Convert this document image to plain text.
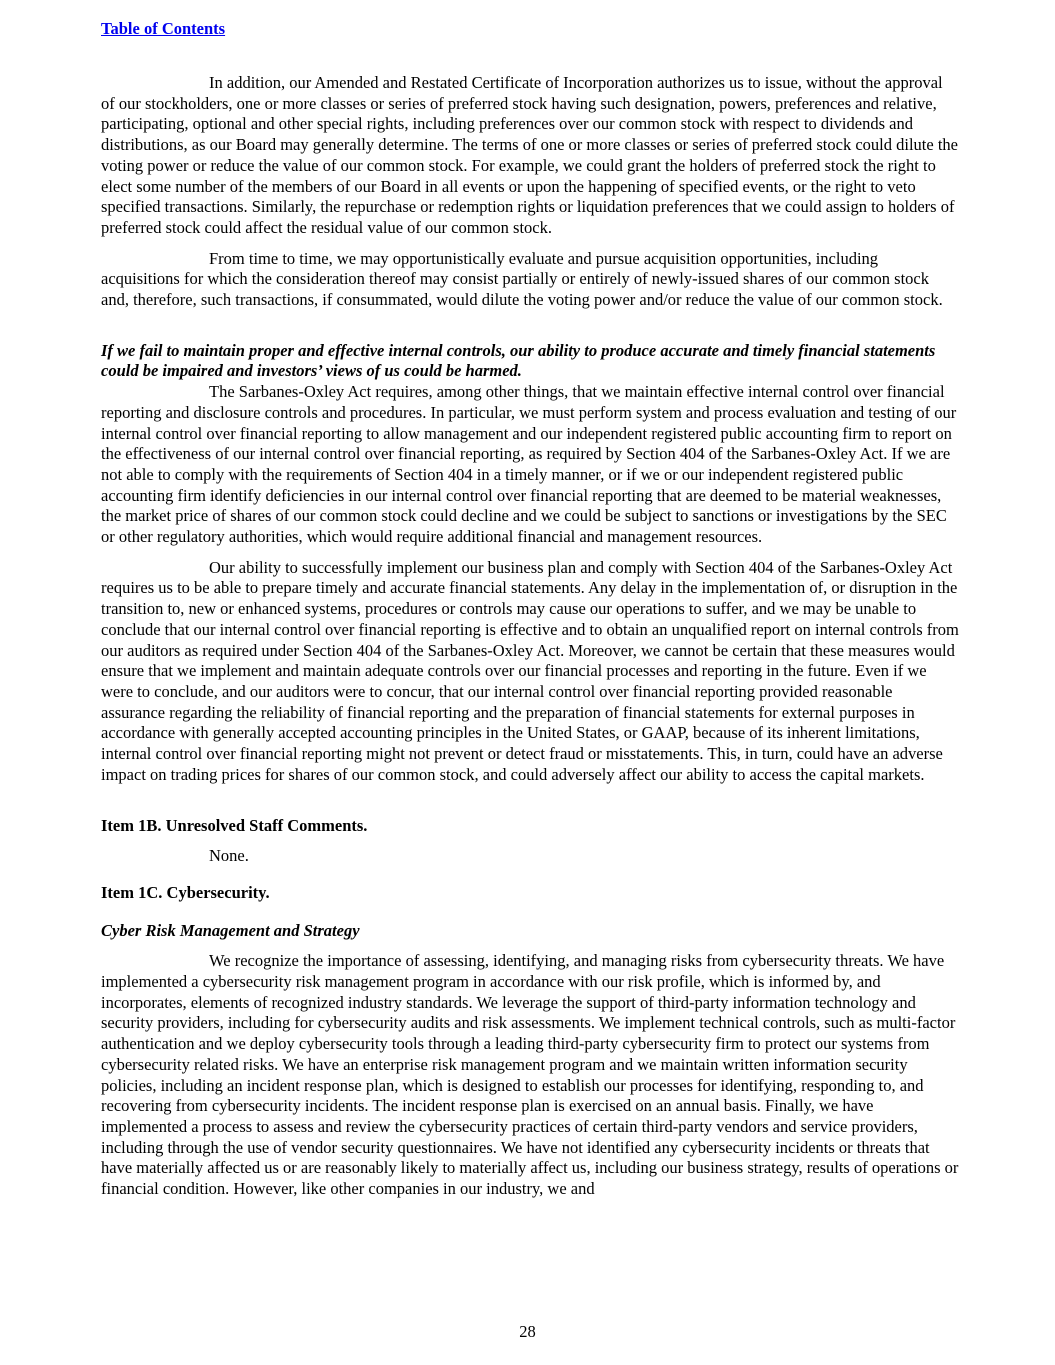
Table of Contents

In addition, our Amended and Restated Certificate of Incorporation authorizes us to issue, without the approval of our stockholders, one or more classes or series of preferred stock having such designation, powers, preferences and relative, participating, optional and other special rights, including preferences over our common stock with respect to dividends and distributions, as our Board may generally determine. The terms of one or more classes or series of preferred stock could dilute the voting power or reduce the value of our common stock. For example, we could grant the holders of preferred stock the right to elect some number of the members of our Board in all events or upon the happening of specified events, or the right to veto specified transactions. Similarly, the repurchase or redemption rights or liquidation preferences that we could assign to holders of preferred stock could affect the residual value of our common stock.

From time to time, we may opportunistically evaluate and pursue acquisition opportunities, including acquisitions for which the consideration thereof may consist partially or entirely of newly-issued shares of our common stock and, therefore, such transactions, if consummated, would dilute the voting power and/or reduce the value of our common stock.

If we fail to maintain proper and effective internal controls, our ability to produce accurate and timely financial statements could be impaired and investors’ views of us could be harmed.

The Sarbanes-Oxley Act requires, among other things, that we maintain effective internal control over financial reporting and disclosure controls and procedures. In particular, we must perform system and process evaluation and testing of our internal control over financial reporting to allow management and our independent registered public accounting firm to report on the effectiveness of our internal control over financial reporting, as required by Section 404 of the Sarbanes-Oxley Act. If we are not able to comply with the requirements of Section 404 in a timely manner, or if we or our independent registered public accounting firm identify deficiencies in our internal control over financial reporting that are deemed to be material weaknesses, the market price of shares of our common stock could decline and we could be subject to sanctions or investigations by the SEC or other regulatory authorities, which would require additional financial and management resources.

Our ability to successfully implement our business plan and comply with Section 404 of the Sarbanes-Oxley Act requires us to be able to prepare timely and accurate financial statements. Any delay in the implementation of, or disruption in the transition to, new or enhanced systems, procedures or controls may cause our operations to suffer, and we may be unable to conclude that our internal control over financial reporting is effective and to obtain an unqualified report on internal controls from our auditors as required under Section 404 of the Sarbanes-Oxley Act. Moreover, we cannot be certain that these measures would ensure that we implement and maintain adequate controls over our financial processes and reporting in the future. Even if we were to conclude, and our auditors were to concur, that our internal control over financial reporting provided reasonable assurance regarding the reliability of financial reporting and the preparation of financial statements for external purposes in accordance with generally accepted accounting principles in the United States, or GAAP, because of its inherent limitations, internal control over financial reporting might not prevent or detect fraud or misstatements. This, in turn, could have an adverse impact on trading prices for shares of our common stock, and could adversely affect our ability to access the capital markets.

Item 1B. Unresolved Staff Comments.

None.

Item 1C. Cybersecurity.

Cyber Risk Management and Strategy

We recognize the importance of assessing, identifying, and managing risks from cybersecurity threats. We have implemented a cybersecurity risk management program in accordance with our risk profile, which is informed by, and incorporates, elements of recognized industry standards. We leverage the support of third-party information technology and security providers, including for cybersecurity audits and risk assessments. We implement technical controls, such as multi-factor authentication and we deploy cybersecurity tools through a leading third-party cybersecurity firm to protect our systems from cybersecurity related risks. We have an enterprise risk management program and we maintain written information security policies, including an incident response plan, which is designed to establish our processes for identifying, responding to, and recovering from cybersecurity incidents. The incident response plan is exercised on an annual basis. Finally, we have implemented a process to assess and review the cybersecurity practices of certain third-party vendors and service providers, including through the use of vendor security questionnaires. We have not identified any cybersecurity incidents or threats that have materially affected us or are reasonably likely to materially affect us, including our business strategy, results of operations or financial condition. However, like other companies in our industry, we and

28
